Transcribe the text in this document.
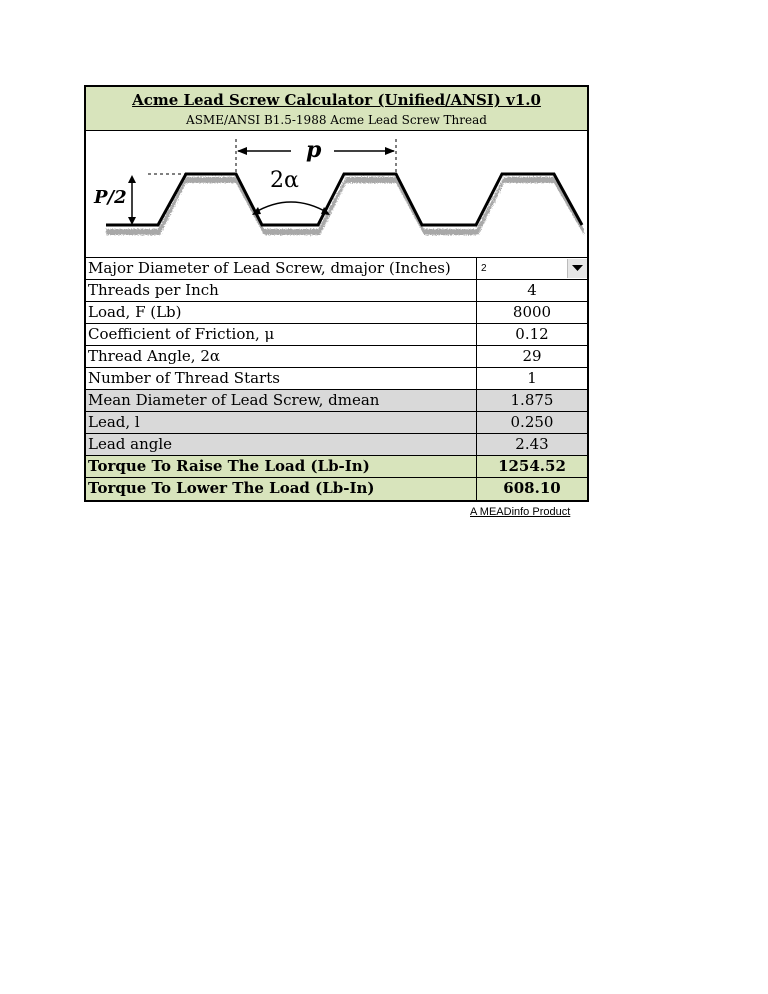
Acme Lead Screw Calculator (Unified/ANSI) v1.0
ASME/ANSI B1.5-1988 Acme Lead Screw Thread
P/2
p
2α
Major Diameter of Lead Screw, dmajor (Inches)	2
Threads per Inch	4
Load, F (Lb)	8000
Coefficient of Friction, μ	0.12
Thread Angle, 2α	29
Number of Thread Starts	1
Mean Diameter of Lead Screw, dmean	1.875
Lead, l	0.250
Lead angle	2.43
Torque To Raise The Load (Lb-In)	1254.52
Torque To Lower The Load (Lb-In)	608.10
A MEADinfo Product
